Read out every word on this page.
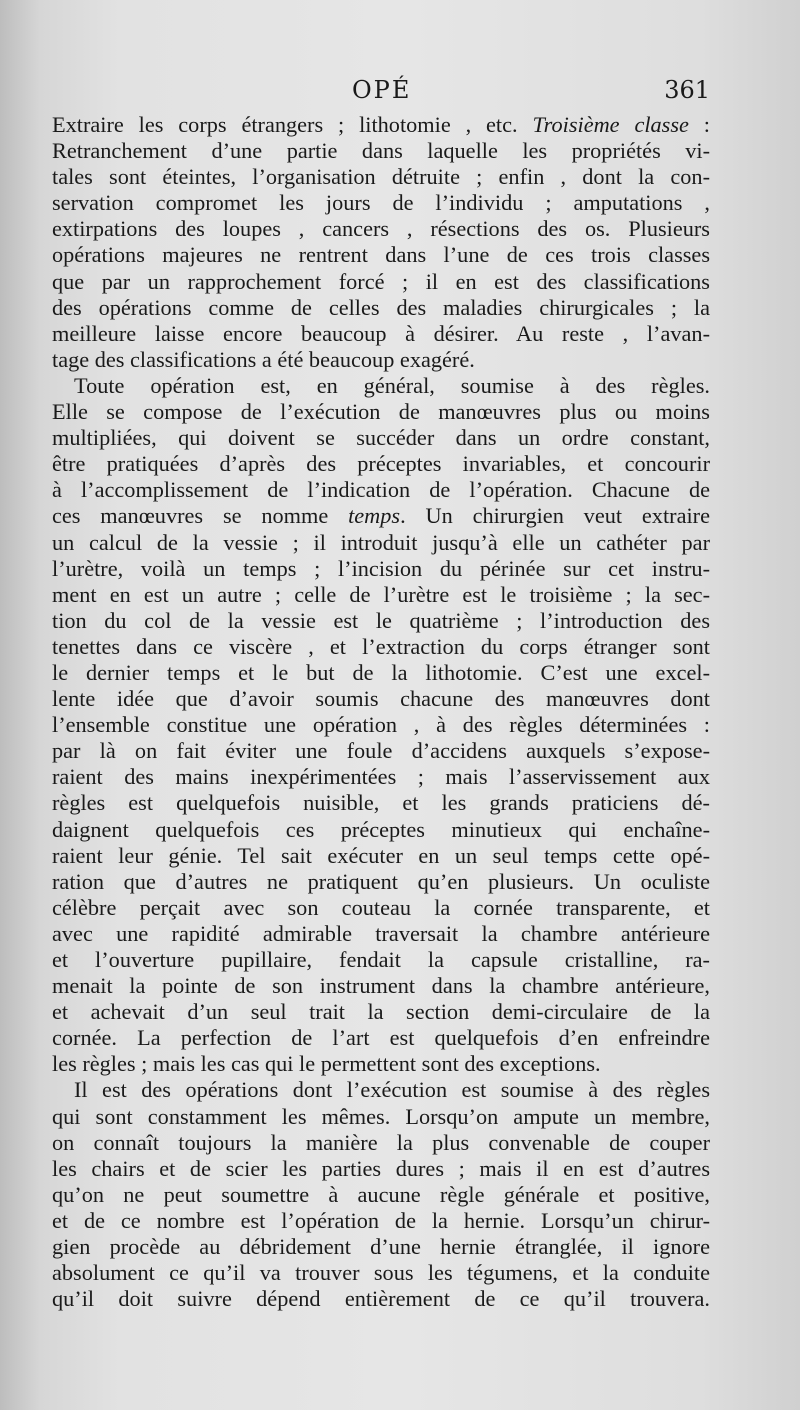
OPÉ	361
Extraire les corps étrangers ; lithotomie , etc. Troisième classe :
Retranchement d’une partie dans laquelle les propriétés vi-
tales sont éteintes, l’organisation détruite ; enfin , dont la con-
servation compromet les jours de l’individu ; amputations ,
extirpations des loupes , cancers , résections des os. Plusieurs
opérations majeures ne rentrent dans l’une de ces trois classes
que par un rapprochement forcé ; il en est des classifications
des opérations comme de celles des maladies chirurgicales ; la
meilleure laisse encore beaucoup à désirer. Au reste , l’avan-
tage des classifications a été beaucoup exagéré.
Toute opération est, en général, soumise à des règles.
Elle se compose de l’exécution de manœuvres plus ou moins
multipliées, qui doivent se succéder dans un ordre constant,
être pratiquées d’après des préceptes invariables, et concourir
à l’accomplissement de l’indication de l’opération. Chacune de
ces manœuvres se nomme temps. Un chirurgien veut extraire
un calcul de la vessie ; il introduit jusqu’à elle un cathéter par
l’urètre, voilà un temps ; l’incision du périnée sur cet instru-
ment en est un autre ; celle de l’urètre est le troisième ; la sec-
tion du col de la vessie est le quatrième ; l’introduction des
tenettes dans ce viscère , et l’extraction du corps étranger sont
le dernier temps et le but de la lithotomie. C’est une excel-
lente idée que d’avoir soumis chacune des manœuvres dont
l’ensemble constitue une opération , à des règles déterminées :
par là on fait éviter une foule d’accidens auxquels s’expose-
raient des mains inexpérimentées ; mais l’asservissement aux
règles est quelquefois nuisible, et les grands praticiens dé-
daignent quelquefois ces préceptes minutieux qui enchaîne-
raient leur génie. Tel sait exécuter en un seul temps cette opé-
ration que d’autres ne pratiquent qu’en plusieurs. Un oculiste
célèbre perçait avec son couteau la cornée transparente, et
avec une rapidité admirable traversait la chambre antérieure
et l’ouverture pupillaire, fendait la capsule cristalline, ra-
menait la pointe de son instrument dans la chambre antérieure,
et achevait d’un seul trait la section demi-circulaire de la
cornée. La perfection de l’art est quelquefois d’en enfreindre
les règles ; mais les cas qui le permettent sont des exceptions.
Il est des opérations dont l’exécution est soumise à des règles
qui sont constamment les mêmes. Lorsqu’on ampute un membre,
on connaît toujours la manière la plus convenable de couper
les chairs et de scier les parties dures ; mais il en est d’autres
qu’on ne peut soumettre à aucune règle générale et positive,
et de ce nombre est l’opération de la hernie. Lorsqu’un chirur-
gien procède au débridement d’une hernie étranglée, il ignore
absolument ce qu’il va trouver sous les tégumens, et la conduite
qu’il doit suivre dépend entièrement de ce qu’il trouvera.
